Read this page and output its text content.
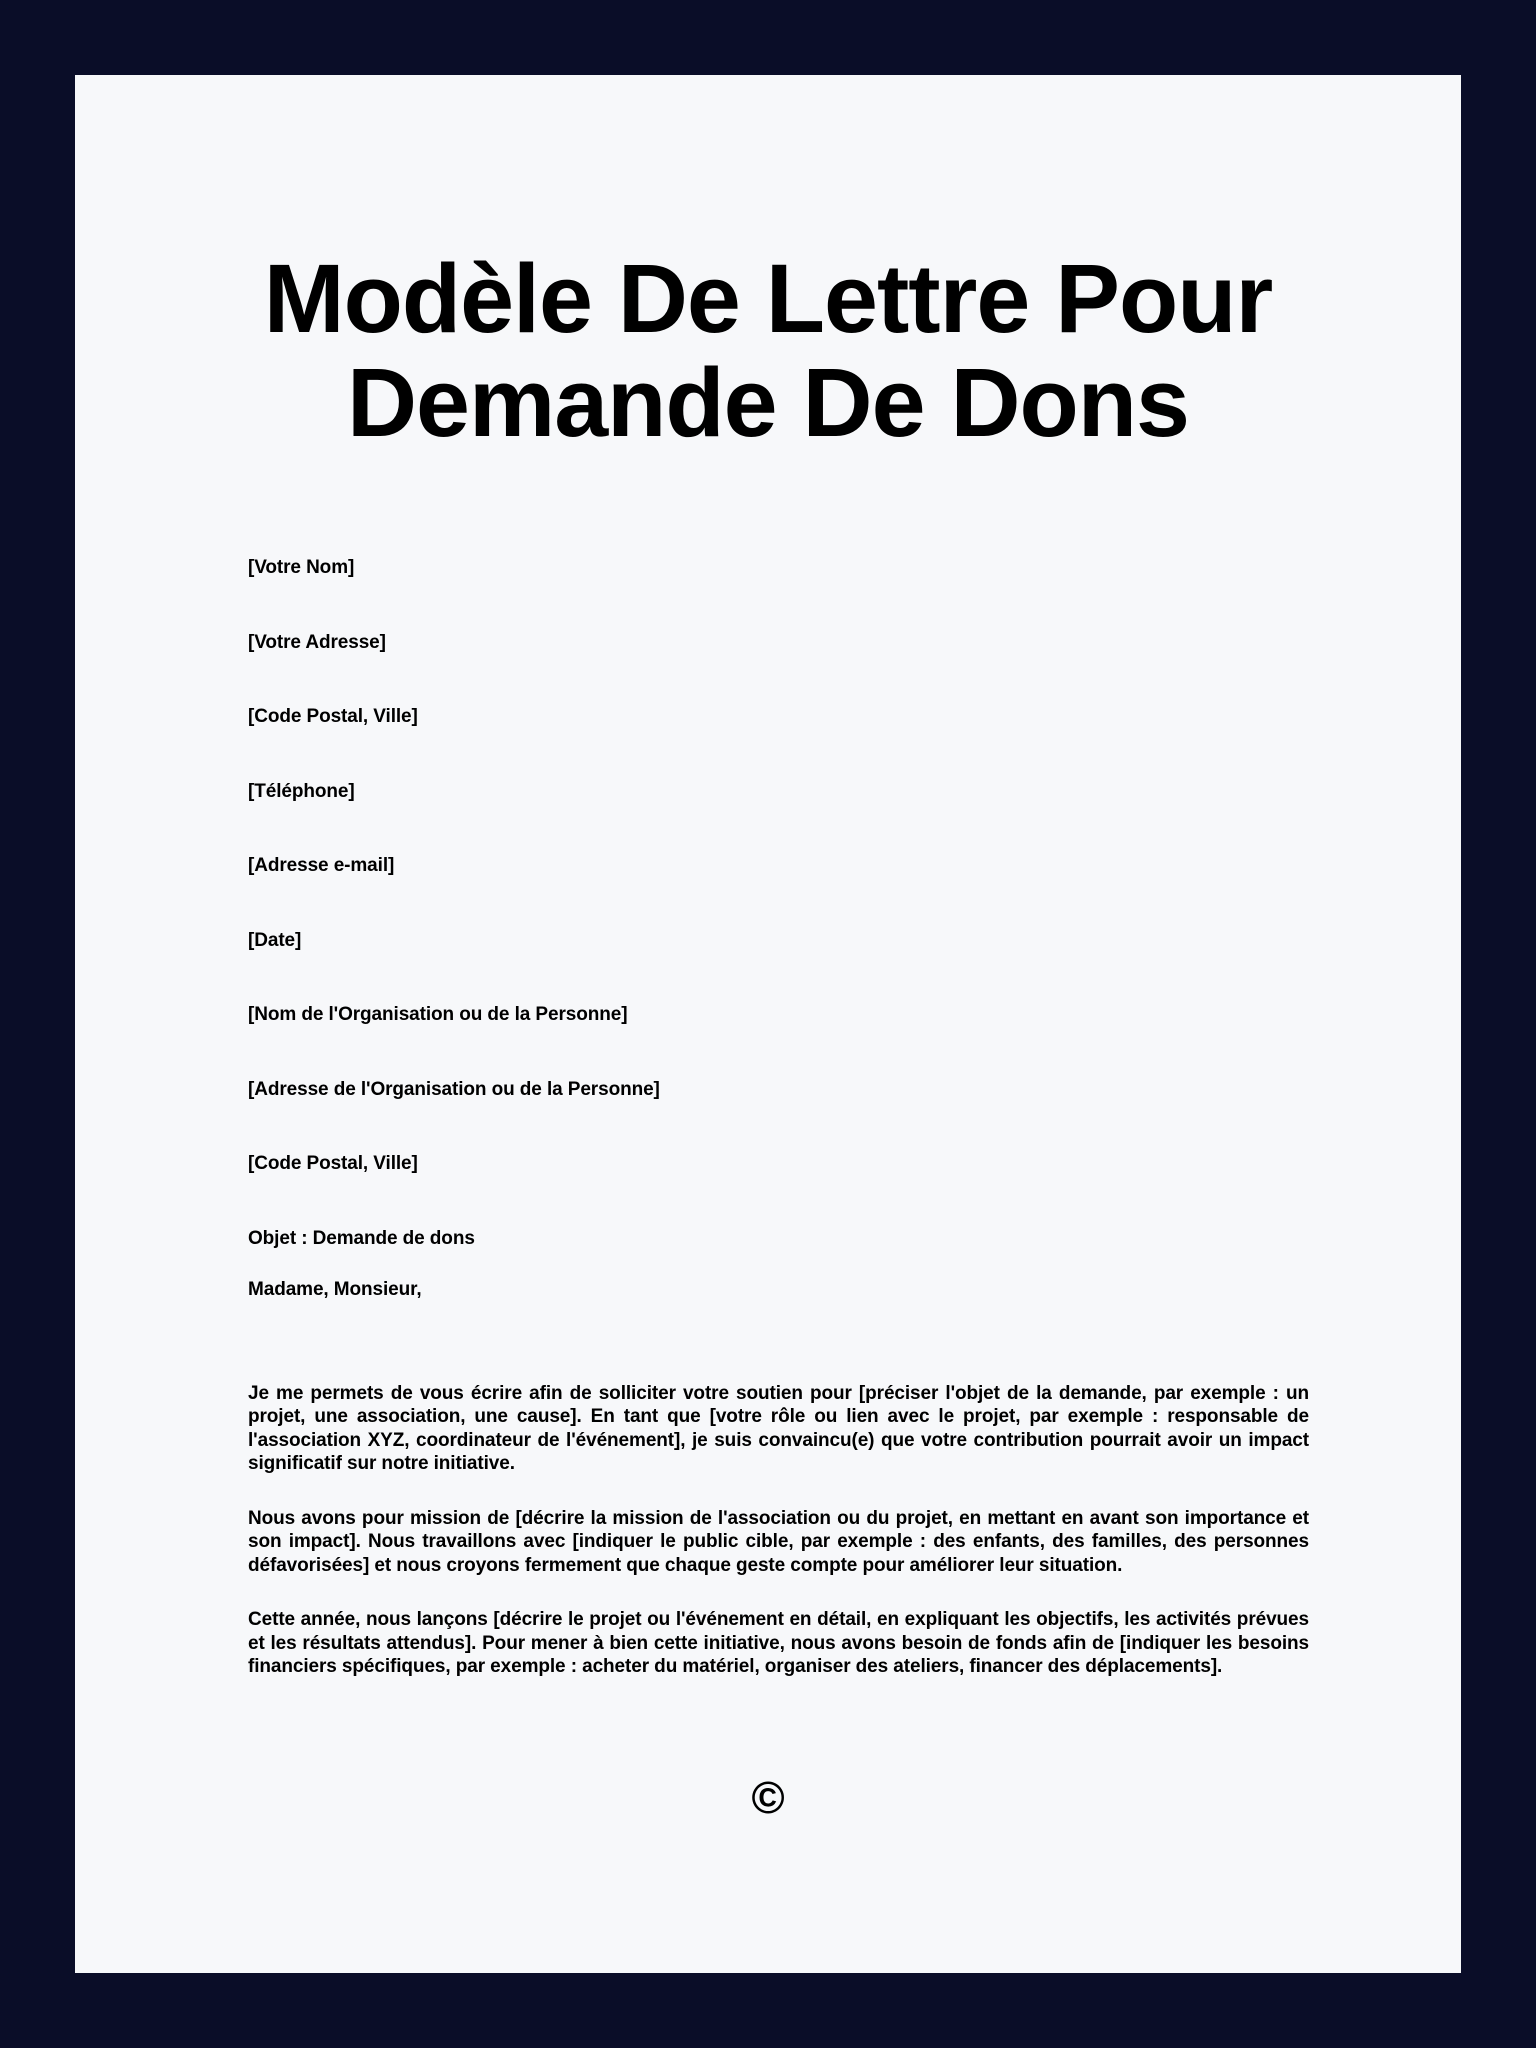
Modèle De Lettre Pour
Demande De Dons

[Votre Nom]

[Votre Adresse]

[Code Postal, Ville]

[Téléphone]

[Adresse e-mail]

[Date]

[Nom de l'Organisation ou de la Personne]

[Adresse de l'Organisation ou de la Personne]

[Code Postal, Ville]

Objet : Demande de dons

Madame, Monsieur,

Je me permets de vous écrire afin de solliciter votre soutien pour [préciser l'objet de la demande, par exemple : un projet, une association, une cause]. En tant que [votre rôle ou lien avec le projet, par exemple : responsable de l'association XYZ, coordinateur de l'événement], je suis convaincu(e) que votre contribution pourrait avoir un impact significatif sur notre initiative.

Nous avons pour mission de [décrire la mission de l'association ou du projet, en mettant en avant son importance et son impact]. Nous travaillons avec [indiquer le public cible, par exemple : des enfants, des familles, des personnes défavorisées] et nous croyons fermement que chaque geste compte pour améliorer leur situation.

Cette année, nous lançons [décrire le projet ou l'événement en détail, en expliquant les objectifs, les activités prévues et les résultats attendus]. Pour mener à bien cette initiative, nous avons besoin de fonds afin de [indiquer les besoins financiers spécifiques, par exemple : acheter du matériel, organiser des ateliers, financer des déplacements].

©
